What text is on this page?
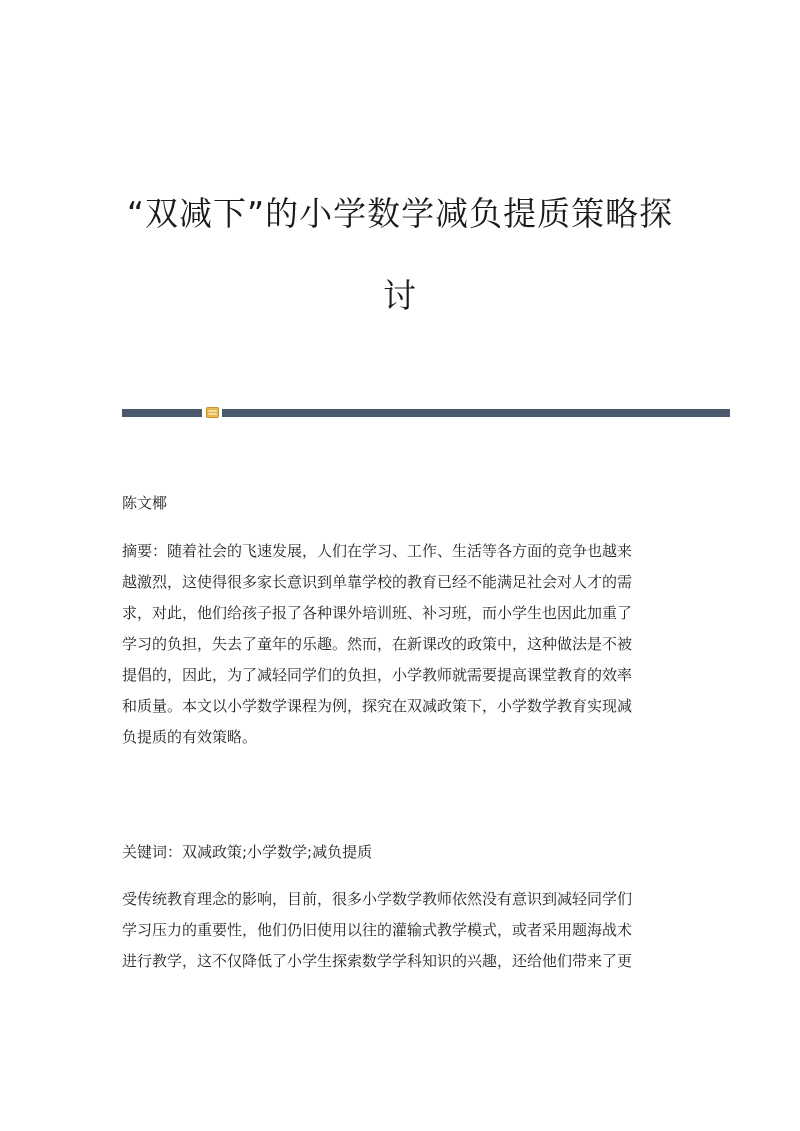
“双减下”的小学数学减负提质策略探
讨

陈文椰

摘要：随着社会的飞速发展，人们在学习、工作、生活等各方面的竞争也越来
越激烈，这使得很多家长意识到单靠学校的教育已经不能满足社会对人才的需
求，对此，他们给孩子报了各种课外培训班、补习班，而小学生也因此加重了
学习的负担，失去了童年的乐趣。然而，在新课改的政策中，这种做法是不被
提倡的，因此，为了减轻同学们的负担，小学教师就需要提高课堂教育的效率
和质量。本文以小学数学课程为例，探究在双减政策下，小学数学教育实现减
负提质的有效策略。

关键词：双减政策;小学数学;减负提质

受传统教育理念的影响，目前，很多小学数学教师依然没有意识到减轻同学们
学习压力的重要性，他们仍旧使用以往的灌输式教学模式，或者采用题海战术
进行教学，这不仅降低了小学生探索数学学科知识的兴趣，还给他们带来了更
